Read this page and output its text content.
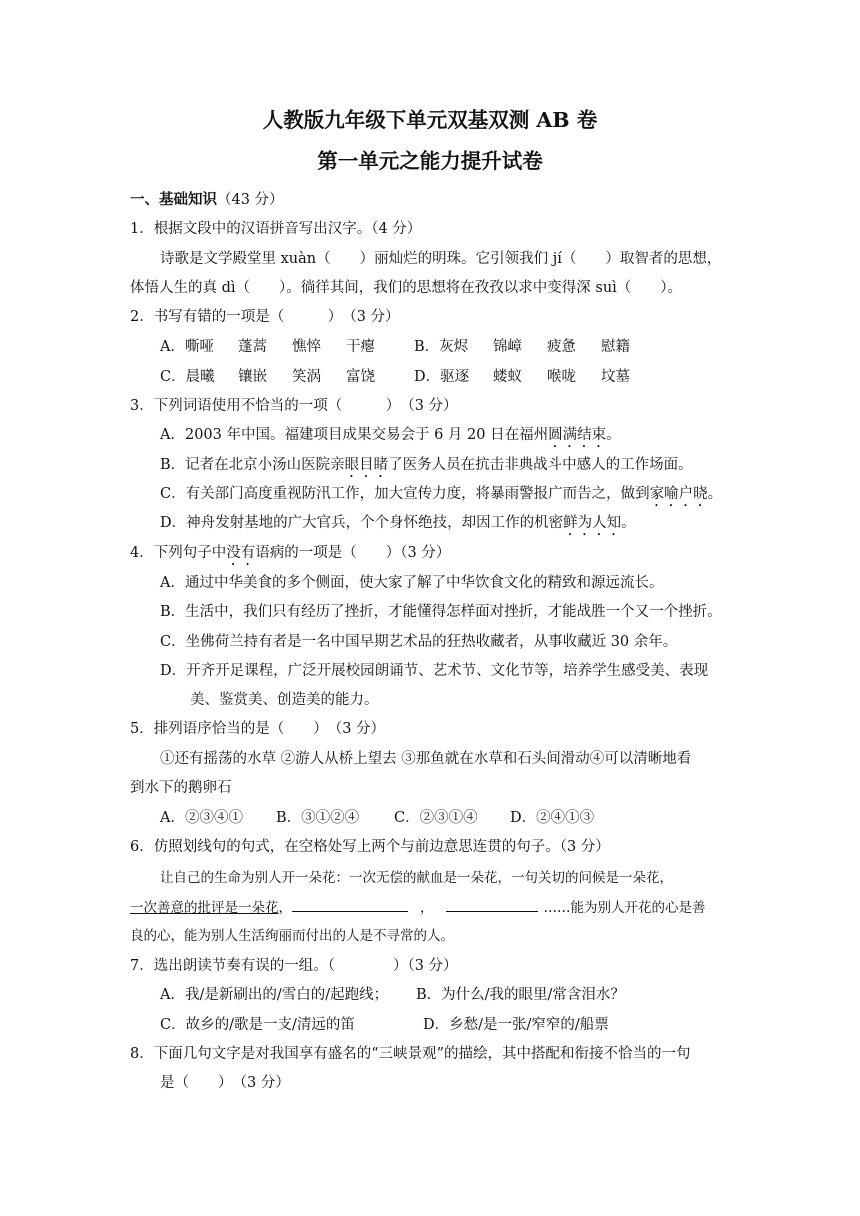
人教版九年级下单元双基双测 AB 卷
第一单元之能力提升试卷
一、基础知识（43 分）
1．根据文段中的汉语拼音写出汉字。（4 分）
诗歌是文学殿堂里 xuàn（　　）丽灿烂的明珠。它引领我们 jí（　　）取智者的思想，
体悟人生的真 dì（　　）。徜徉其间，我们的思想将在孜孜以求中变得深 suì（　　）。
2．书写有错的一项是（　　　）　（3 分）
A．嘶哑 蓬蒿 憔悴 干瘪	B．灰烬 锦嶂 疲惫 慰籍
C．晨曦 镶嵌 笑涡 富饶	D．驱逐 蝼蚁 喉咙 坟墓
3．下列词语使用不恰当的一项（　　　）　（3 分）
A．2003 年中国。福建项目成果交易会于 6 月 20 日在福州圆满结束。
B．记者在北京小汤山医院亲眼目睹了医务人员在抗击非典战斗中感人的工作场面。
C．有关部门高度重视防汛工作，加大宣传力度，将暴雨警报广而告之，做到家喻户晓。
D．神舟发射基地的广大官兵，个个身怀绝技，却因工作的机密鲜为人知。
4．下列句子中没有语病的一项是（　　）（3 分）
A．通过中华美食的多个侧面，使大家了解了中华饮食文化的精致和源远流长。
B．生活中，我们只有经历了挫折，才能懂得怎样面对挫折，才能战胜一个又一个挫折。
C．坐佛荷兰持有者是一名中国早期艺术品的狂热收藏者，从事收藏近 30 余年。
D．开齐开足课程，广泛开展校园朗诵节、艺术节、文化节等，培养学生感受美、表现
美、鉴赏美、创造美的能力。
5．排列语序恰当的是（　　）　（3 分）
①还有摇荡的水草 ②游人从桥上望去 ③那鱼就在水草和石头间滑动④可以清晰地看
到水下的鹅卵石
A．②③④① B．③①②④ C．②③①④ D．②④①③
6．仿照划线句的句式，在空格处写上两个与前边意思连贯的句子。（3 分）
让自己的生命为别人开一朵花：一次无偿的献血是一朵花，一句关切的问候是一朵花，
一次善意的批评是一朵花，	，	……能为别人开花的心是善
良的心，能为别人生活绚丽而付出的人是不寻常的人。
7．选出朗读节奏有误的一组。（　　　　）（3 分）
A．我/是新刷出的/雪白的/起跑线； B．为什么/我的眼里/常含泪水？
C．故乡的/歌是一支/清远的笛	D．乡愁/是一张/窄窄的/船票
8．下面几句文字是对我国享有盛名的“三峡景观”的描绘，其中搭配和衔接不恰当的一句
是（　　）　（3 分）
